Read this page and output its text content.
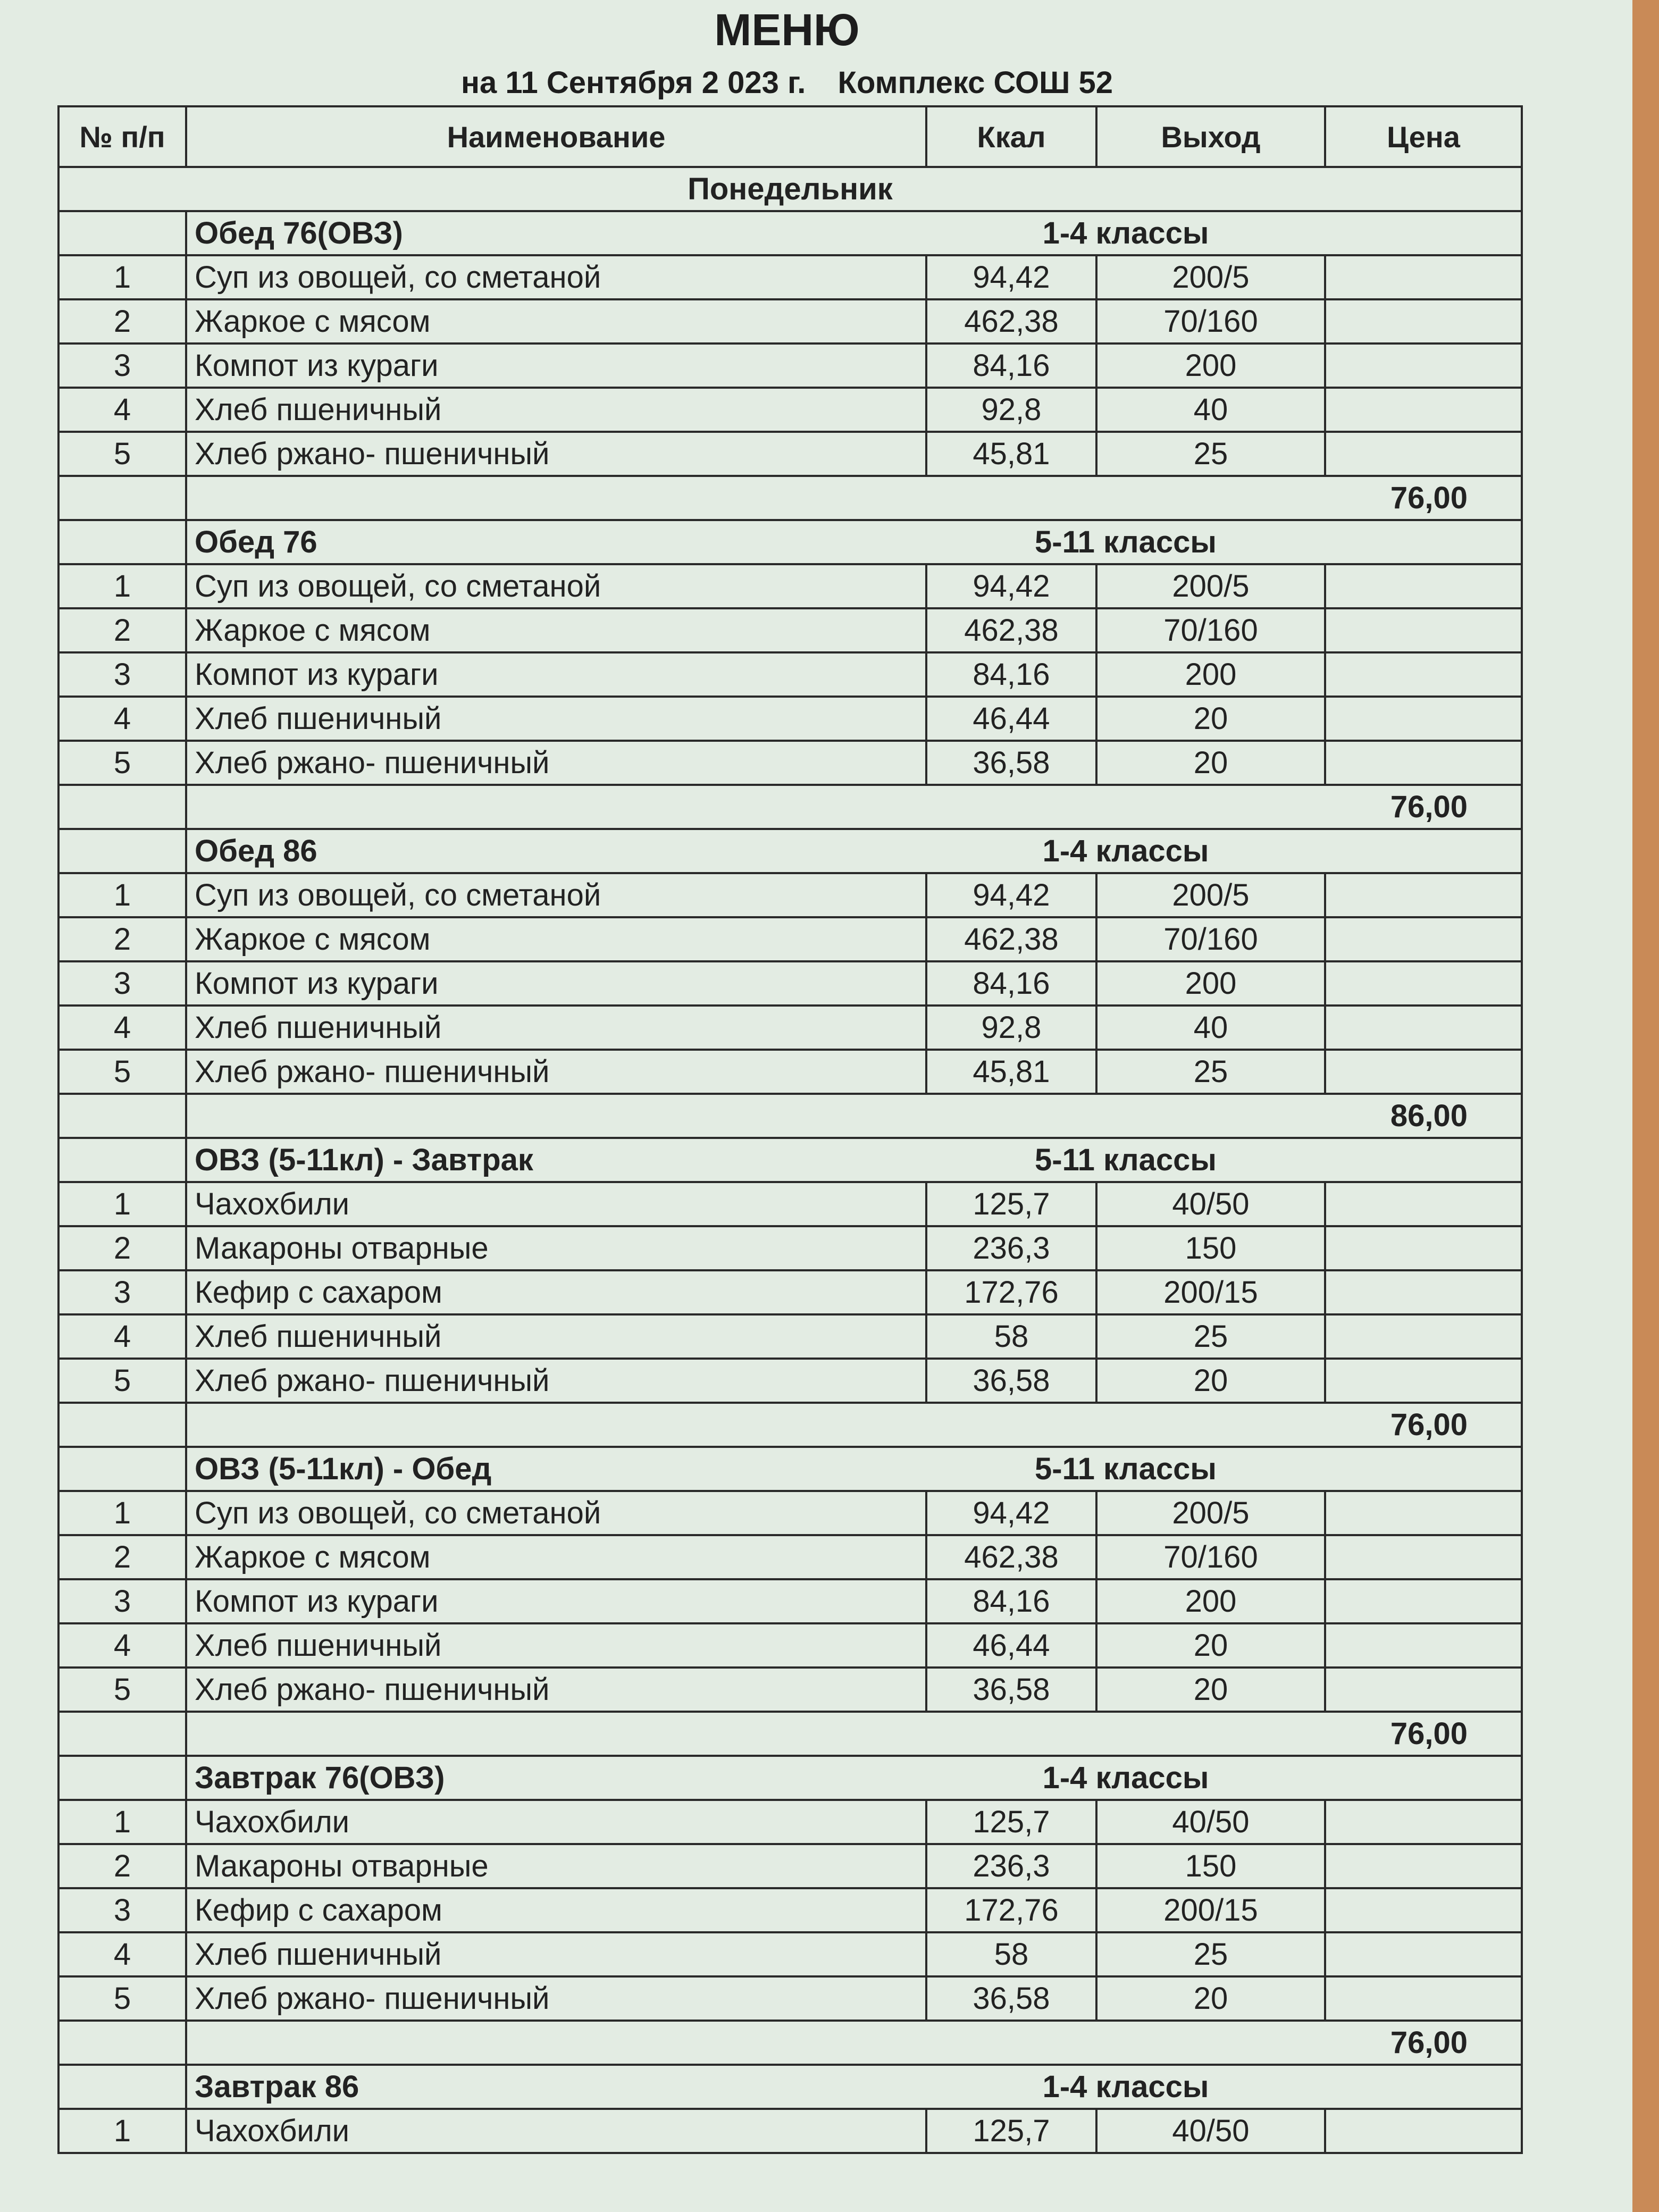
МЕНЮ
на 11 Сентября 2 023 г. Комплекс СОШ 52
№ п/п	Наименование	Ккал	Выход	Цена
Понедельник				
	Обед 76(ОВЗ)	1-4 классы		
1	Суп из овощей, со сметаной	94,42	200/5	
2	Жаркое с мясом	462,38	70/160	
3	Компот из кураги	84,16	200	
4	Хлеб пшеничный	92,8	40	
5	Хлеб ржано- пшеничный	45,81	25	
			76,00	
	Обед 76	5-11 классы		
1	Суп из овощей, со сметаной	94,42	200/5	
2	Жаркое с мясом	462,38	70/160	
3	Компот из кураги	84,16	200	
4	Хлеб пшеничный	46,44	20	
5	Хлеб ржано- пшеничный	36,58	20	
			76,00	
	Обед 86	1-4 классы		
1	Суп из овощей, со сметаной	94,42	200/5	
2	Жаркое с мясом	462,38	70/160	
3	Компот из кураги	84,16	200	
4	Хлеб пшеничный	92,8	40	
5	Хлеб ржано- пшеничный	45,81	25	
			86,00	
	ОВЗ (5-11кл) - Завтрак	5-11 классы		
1	Чахохбили	125,7	40/50	
2	Макароны отварные	236,3	150	
3	Кефир с сахаром	172,76	200/15	
4	Хлеб пшеничный	58	25	
5	Хлеб ржано- пшеничный	36,58	20	
			76,00	
	ОВЗ (5-11кл) - Обед	5-11 классы		
1	Суп из овощей, со сметаной	94,42	200/5	
2	Жаркое с мясом	462,38	70/160	
3	Компот из кураги	84,16	200	
4	Хлеб пшеничный	46,44	20	
5	Хлеб ржано- пшеничный	36,58	20	
			76,00	
	Завтрак 76(ОВЗ)	1-4 классы		
1	Чахохбили	125,7	40/50	
2	Макароны отварные	236,3	150	
3	Кефир с сахаром	172,76	200/15	
4	Хлеб пшеничный	58	25	
5	Хлеб ржано- пшеничный	36,58	20	
			76,00	
	Завтрак 86	1-4 классы		
1	Чахохбили	125,7	40/50	
